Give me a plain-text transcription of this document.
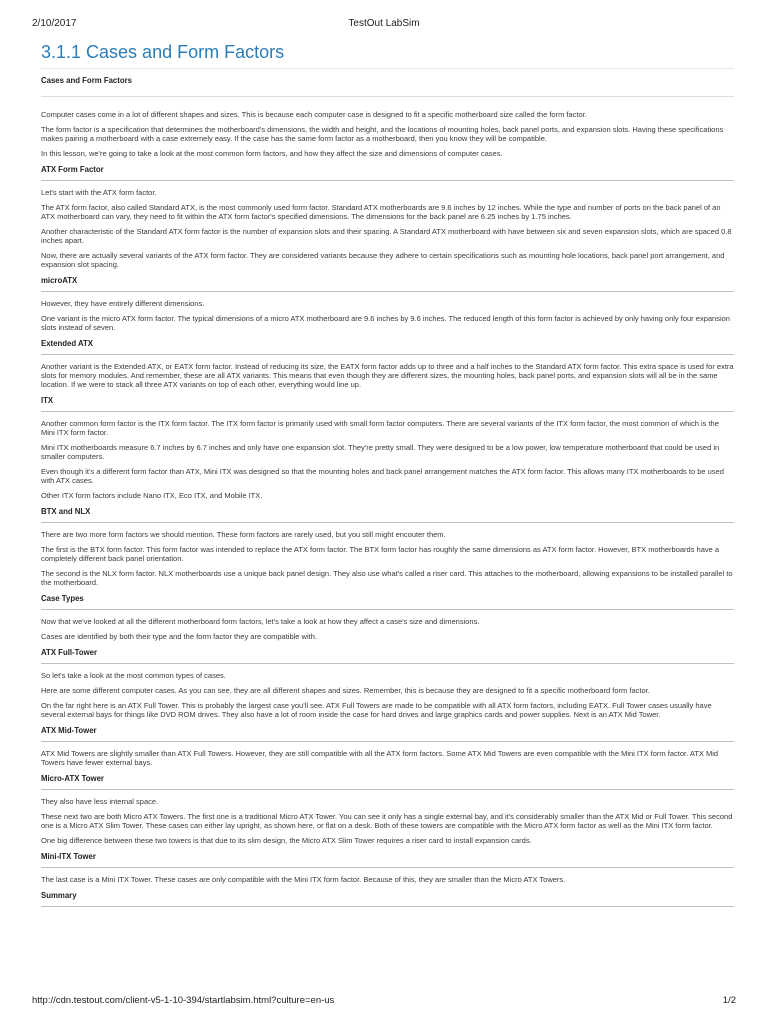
2/10/2017	TestOut LabSim
3.1.1 Cases and Form Factors
Cases and Form Factors

Computer cases come in a lot of different shapes and sizes. This is because each computer case is designed to fit a specific motherboard size called the form factor.

The form factor is a specification that determines the motherboard's dimensions, the width and height, and the locations of mounting holes, back panel ports, and expansion slots. Having these specifications makes pairing a motherboard with a case extremely easy. If the case has the same form factor as a motherboard, then you know they will be compatible.

In this lesson, we're going to take a look at the most common form factors, and how they affect the size and dimensions of computer cases.

ATX Form Factor

Let's start with the ATX form factor.

The ATX form factor, also called Standard ATX, is the most commonly used form factor. Standard ATX motherboards are 9.6 inches by 12 inches. While the type and number of ports on the back panel of an ATX motherboard can vary, they need to fit within the ATX form factor's specified dimensions. The dimensions for the back panel are 6.25 inches by 1.75 inches.

Another characteristic of the Standard ATX form factor is the number of expansion slots and their spacing. A Standard ATX motherboard with have between six and seven expansion slots, which are spaced 0.8 inches apart.

Now, there are actually several variants of the ATX form factor. They are considered variants because they adhere to certain specifications such as mounting hole locations, back panel port arrangement, and expansion slot spacing.

microATX

However, they have entirely different dimensions.

One variant is the micro ATX form factor. The typical dimensions of a micro ATX motherboard are 9.6 inches by 9.6 inches. The reduced length of this form factor is achieved by only having only four expansion slots instead of seven.

Extended ATX

Another variant is the Extended ATX, or EATX form factor. Instead of reducing its size, the EATX form factor adds up to three and a half inches to the Standard ATX form factor. This extra space is used for extra slots for memory modules. And remember, these are all ATX variants. This means that even though they are different sizes, the mounting holes, back panel ports, and expansion slots will all be in the same location. If we were to stack all three ATX variants on top of each other, everything would line up.

ITX

Another common form factor is the ITX form factor. The ITX form factor is primarily used with small form factor computers. There are several variants of the ITX form factor, the most common of which is the Mini ITX form factor.

Mini ITX motherboards measure 6.7 inches by 6.7 inches and only have one expansion slot. They're pretty small. They were designed to be a low power, low temperature motherboard that could be used in smaller computers.

Even though it's a different form factor than ATX, Mini ITX was designed so that the mounting holes and back panel arrangement matches the ATX form factor. This allows many ITX motherboards to be used with ATX cases.

Other ITX form factors include Nano ITX, Eco ITX, and Mobile ITX.

BTX and NLX

There are two more form factors we should mention. These form factors are rarely used, but you still might encouter them.

The first is the BTX form factor. This form factor was intended to replace the ATX form factor. The BTX form factor has roughly the same dimensions as ATX form factor. However, BTX motherboards have a completely different back panel orientation.

The second is the NLX form factor. NLX motherboards use a unique back panel design. They also use what's called a riser card. This attaches to the motherboard, allowing expansions to be installed parallel to the motherboard.

Case Types

Now that we've looked at all the different motherboard form factors, let's take a look at how they affect a case's size and dimensions.

Cases are identified by both their type and the form factor they are compatible with.

ATX Full-Tower

So let's take a look at the most common types of cases.

Here are some different computer cases. As you can see, they are all different shapes and sizes. Remember, this is because they are designed to fit a specific motherboard form factor.

On the far right here is an ATX Full Tower. This is probably the largest case you'll see. ATX Full Towers are made to be compatible with all ATX form factors, including EATX. Full Tower cases usually have several external bays for things like DVD ROM drives. They also have a lot of room inside the case for hard drives and large graphics cards and power supplies. Next is an ATX Mid Tower.

ATX Mid-Tower

ATX Mid Towers are slightly smaller than ATX Full Towers. However, they are still compatible with all the ATX form factors. Some ATX Mid Towers are even compatible with the Mini ITX form factor. ATX Mid Towers have fewer external bays.

Micro-ATX Tower

They also have less internal space.

These next two are both Micro ATX Towers. The first one is a traditional Micro ATX Tower. You can see it only has a single external bay, and it's considerably smaller than the ATX Mid or Full Tower. This second one is a Micro ATX Slim Tower. These cases can either lay upright, as shown here, or flat on a desk. Both of these towers are compatible with the Micro ATX form factor as well as the Mini ITX form factor.

One big difference between these two towers is that due to its slim design, the Micro ATX Slim Tower requires a riser card to install expansion cards.

Mini-ITX Tower

The last case is a Mini ITX Tower. These cases are only compatible with the Mini ITX form factor. Because of this, they are smaller than the Micro ATX Towers.

Summary
http://cdn.testout.com/client-v5-1-10-394/startlabsim.html?culture=en-us	1/2
